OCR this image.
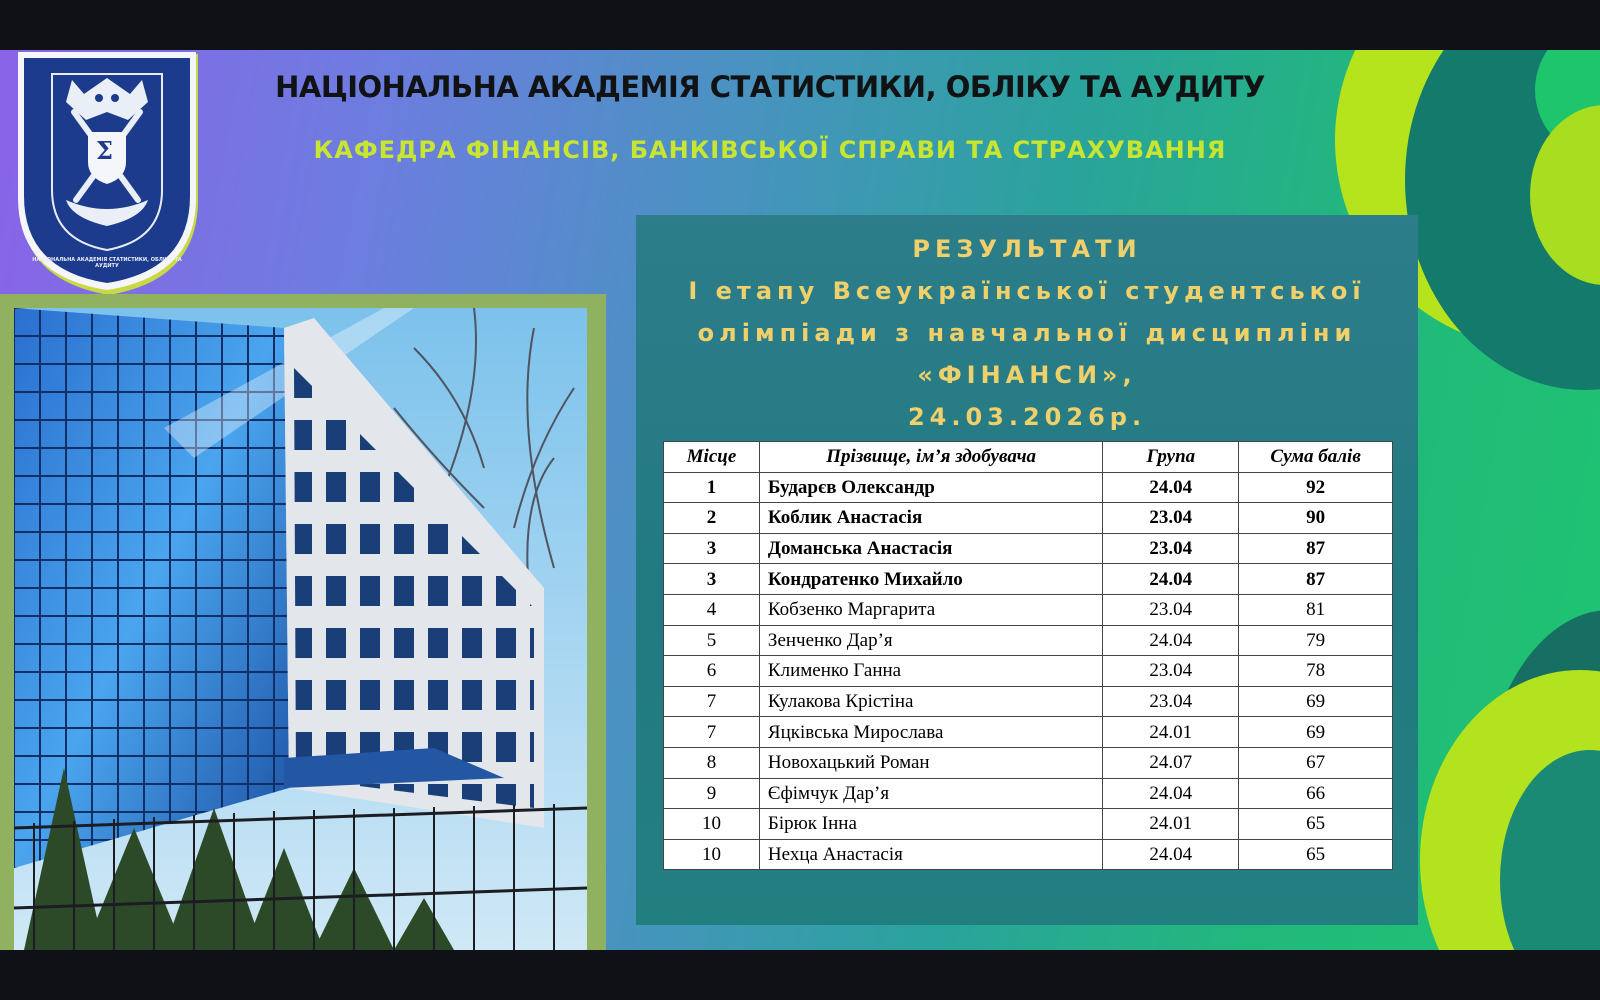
Σ
НАЦІОНАЛЬНА АКАДЕМІЯ СТАТИСТИКИ, ОБЛІКУ ТА АУДИТУ
НАЦІОНАЛЬНА АКАДЕМІЯ СТАТИСТИКИ, ОБЛІКУ ТА АУДИТУ
КАФЕДРА ФІНАНСІВ, БАНКІВСЬКОЇ СПРАВИ ТА СТРАХУВАННЯ
РЕЗУЛЬТАТИ
І етапу Всеукраїнської студентської
олімпіади з навчальної дисципліни
«ФІНАНСИ»,
24.03.2026р.
Місце	Прізвище, ім’я здобувача	Група	Сума балів
1	Бударєв Олександр	24.04	92
2	Коблик Анастасія	23.04	90
3	Доманська Анастасія	23.04	87
3	Кондратенко Михайло	24.04	87
4	Кобзенко Маргарита	23.04	81
5	Зенченко Дар’я	24.04	79
6	Клименко Ганна	23.04	78
7	Кулакова Крістіна	23.04	69
7	Яцківська Мирослава	24.01	69
8	Новохацький Роман	24.07	67
9	Єфімчук Дар’я	24.04	66
10	Бірюк Інна	24.01	65
10	Нехца Анастасія	24.04	65
